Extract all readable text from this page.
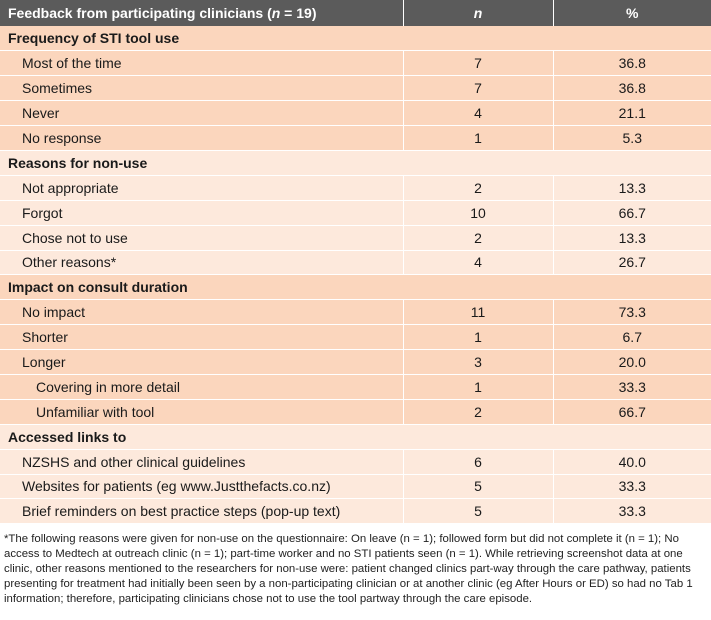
Feedback from participating clinicians (n = 19)	n	%
Frequency of STI tool use		
Most of the time	7	36.8
Sometimes	7	36.8
Never	4	21.1
No response	1	5.3
Reasons for non-use		
Not appropriate	2	13.3
Forgot	10	66.7
Chose not to use	2	13.3
Other reasons*	4	26.7
Impact on consult duration		
No impact	11	73.3
Shorter	1	6.7
Longer	3	20.0
Covering in more detail	1	33.3
Unfamiliar with tool	2	66.7
Accessed links to		
NZSHS and other clinical guidelines	6	40.0
Websites for patients (eg www.Justthefacts.co.nz)	5	33.3
Brief reminders on best practice steps (pop-up text)	5	33.3

*The following reasons were given for non-use on the questionnaire: On leave (n = 1); followed form but did not complete it (n = 1); No access to Medtech at outreach clinic (n = 1); part-time worker and no STI patients seen (n = 1). While retrieving screenshot data at one clinic, other reasons mentioned to the researchers for non-use were: patient changed clinics part-way through the care pathway, patients presenting for treatment had initially been seen by a non-participating clinician or at another clinic (eg After Hours or ED) so had no Tab 1 information; therefore, participating clinicians chose not to use the tool partway through the care episode.
